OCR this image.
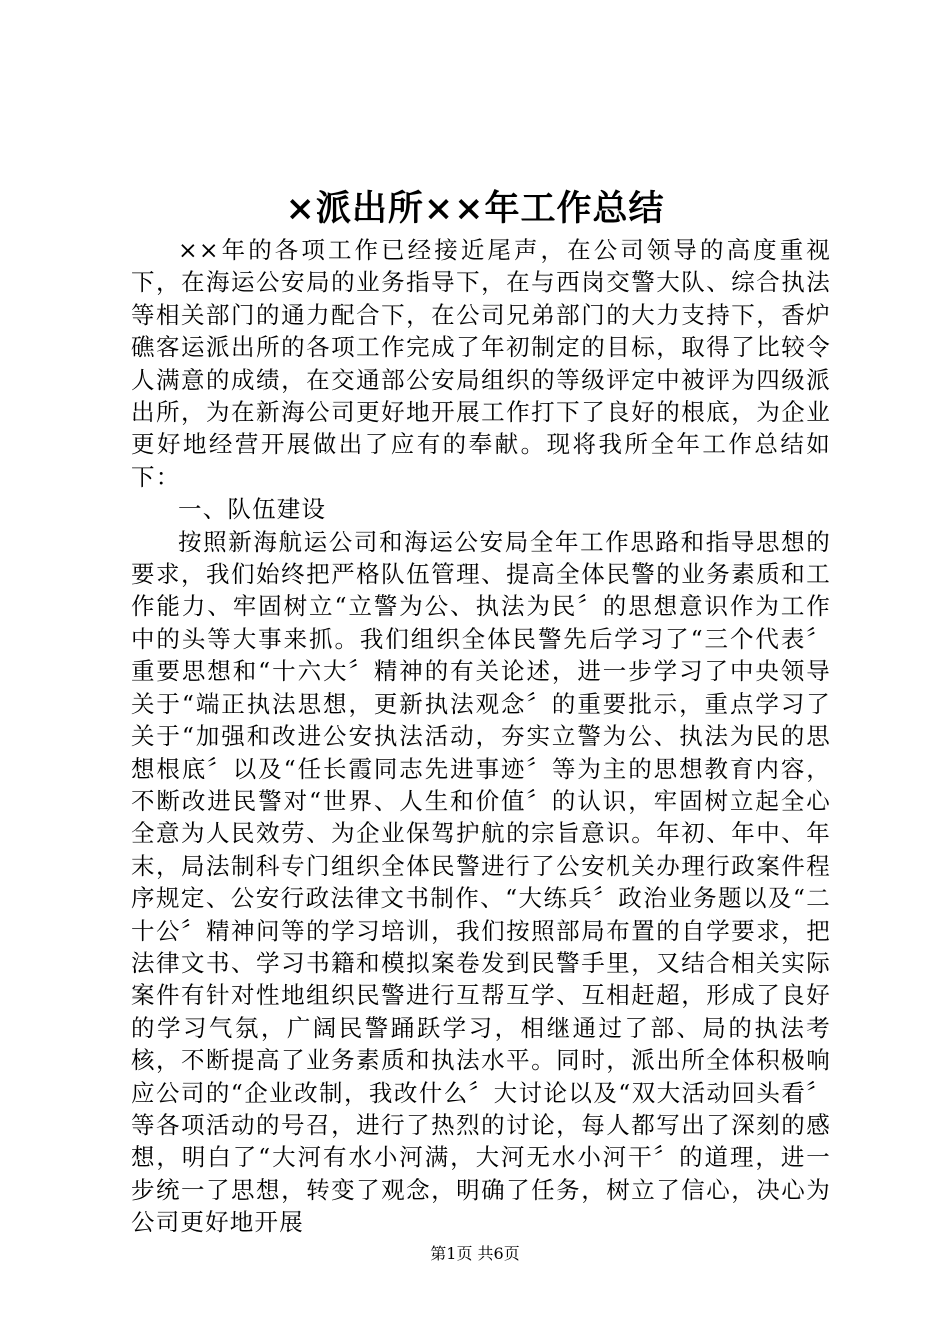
×派出所××年工作总结

××年的各项工作已经接近尾声，在公司领导的高度重视下，在海运公安局的业务指导下，在与西岗交警大队、综合执法等相关部门的通力配合下，在公司兄弟部门的大力支持下，香炉礁客运派出所的各项工作完成了年初制定的目标，取得了比较令人满意的成绩，在交通部公安局组织的等级评定中被评为四级派出所，为在新海公司更好地开展工作打下了良好的根底，为企业更好地经营开展做出了应有的奉献。现将我所全年工作总结如下：

一、队伍建设

按照新海航运公司和海运公安局全年工作思路和指导思想的要求，我们始终把严格队伍管理、提高全体民警的业务素质和工作能力、牢固树立“立警为公、执法为民〞的思想意识作为工作中的头等大事来抓。我们组织全体民警先后学习了“三个代表〞重要思想和“十六大〞精神的有关论述，进一步学习了中央领导关于“端正执法思想，更新执法观念〞的重要批示，重点学习了关于“加强和改进公安执法活动，夯实立警为公、执法为民的思想根底〞以及“任长霞同志先进事迹〞等为主的思想教育内容，不断改进民警对“世界、人生和价值〞的认识，牢固树立起全心全意为人民效劳、为企业保驾护航的宗旨意识。年初、年中、年末，局法制科专门组织全体民警进行了公安机关办理行政案件程序规定、公安行政法律文书制作、“大练兵〞政治业务题以及“二十公〞精神问等的学习培训，我们按照部局布置的自学要求，把法律文书、学习书籍和模拟案卷发到民警手里，又结合相关实际案件有针对性地组织民警进行互帮互学、互相赶超，形成了良好的学习气氛，广阔民警踊跃学习，相继通过了部、局的执法考核，不断提高了业务素质和执法水平。同时，派出所全体积极响应公司的“企业改制，我改什么〞大讨论以及“双大活动回头看〞等各项活动的号召，进行了热烈的讨论，每人都写出了深刻的感想，明白了“大河有水小河满，大河无水小河干〞的道理，进一步统一了思想，转变了观念，明确了任务，树立了信心，决心为公司更好地开展

第1页 共6页
